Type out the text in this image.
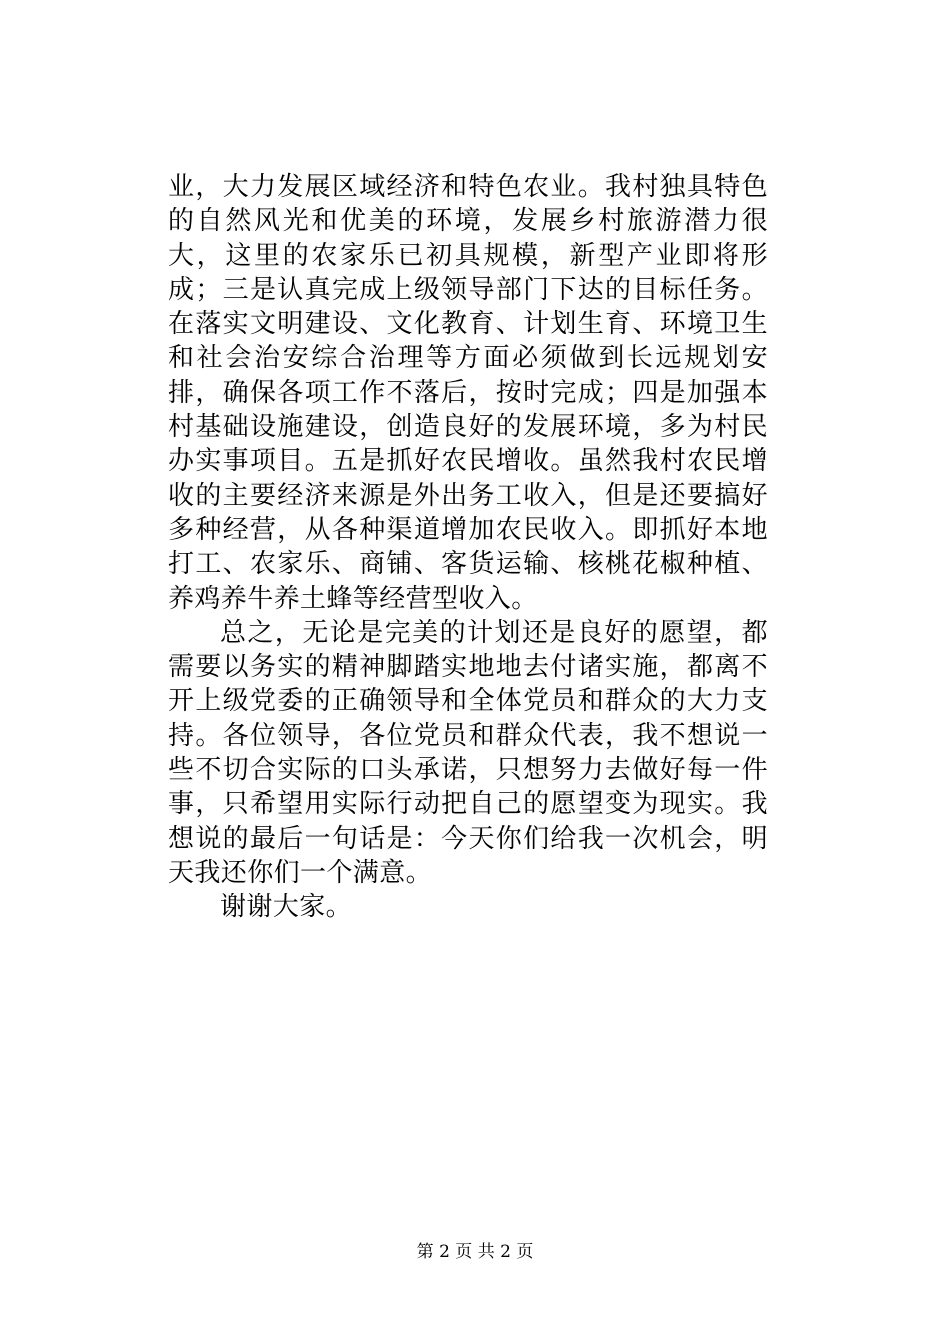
业，大力发展区域经济和特色农业。我村独具特色的自然风光和优美的环境，发展乡村旅游潜力很大，这里的农家乐已初具规模，新型产业即将形成；三是认真完成上级领导部门下达的目标任务。在落实文明建设、文化教育、计划生育、环境卫生和社会治安综合治理等方面必须做到长远规划安排，确保各项工作不落后，按时完成；四是加强本村基础设施建设，创造良好的发展环境，多为村民办实事项目。五是抓好农民增收。虽然我村农民增收的主要经济来源是外出务工收入，但是还要搞好多种经营，从各种渠道增加农民收入。即抓好本地打工、农家乐、商铺、客货运输、核桃花椒种植、养鸡养牛养土蜂等经营型收入。

总之，无论是完美的计划还是良好的愿望，都需要以务实的精神脚踏实地地去付诸实施，都离不开上级党委的正确领导和全体党员和群众的大力支持。各位领导，各位党员和群众代表，我不想说一些不切合实际的口头承诺，只想努力去做好每一件事，只希望用实际行动把自己的愿望变为现实。我想说的最后一句话是：今天你们给我一次机会，明天我还你们一个满意。

谢谢大家。

第 2 页 共 2 页
